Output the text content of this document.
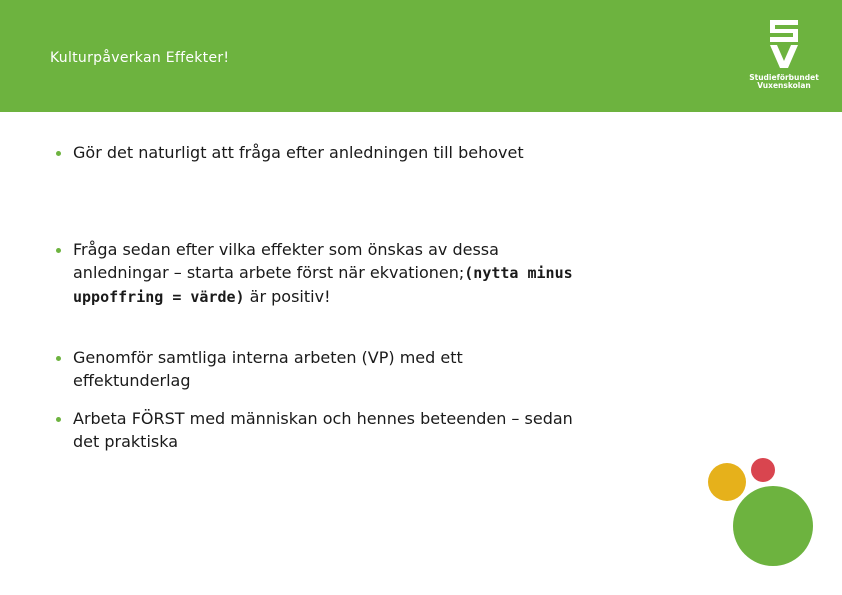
Kulturpåverkan Effekter!
Studieförbundet
Vuxenskolan
Gör det naturligt att fråga efter anledningen till behovet
Fråga sedan efter vilka effekter som önskas av dessa anledningar – starta arbete först när ekvationen;(nytta minus uppoffring = värde) är positiv!
Genomför samtliga interna arbeten (VP) med ett effektunderlag
Arbeta FÖRST med människan och hennes beteenden – sedan det praktiska
